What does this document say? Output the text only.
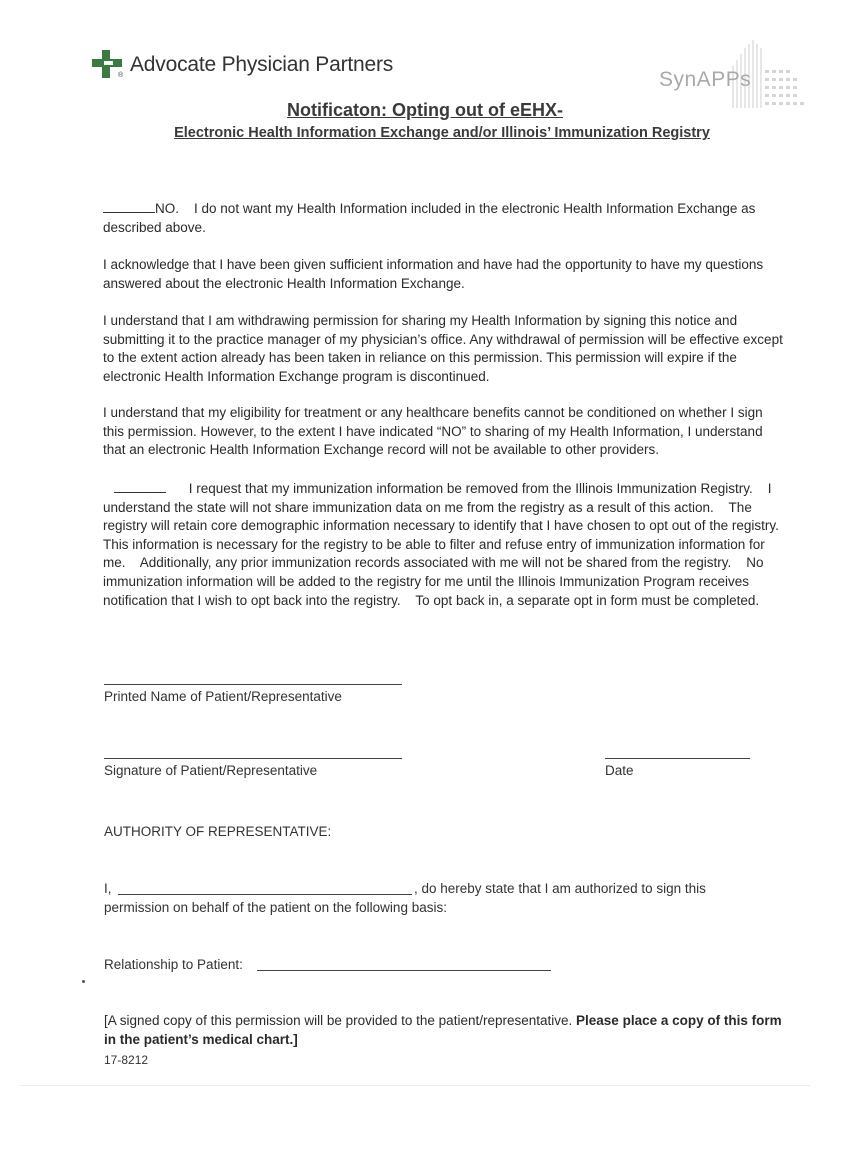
® Advocate Physician Partners
SynAPPs
Notificaton: Opting out of eEHX-
Electronic Health Information Exchange and/or Illinois’ Immunization Registry
NO. I do not want my Health Information included in the electronic Health Information Exchange as described above.
I acknowledge that I have been given sufficient information and have had the opportunity to have my questions answered about the electronic Health Information Exchange.
I understand that I am withdrawing permission for sharing my Health Information by signing this notice and submitting it to the practice manager of my physician’s office. Any withdrawal of permission will be effective except to the extent action already has been taken in reliance on this permission. This permission will expire if the electronic Health Information Exchange program is discontinued.
I understand that my eligibility for treatment or any healthcare benefits cannot be conditioned on whether I sign this permission. However, to the extent I have indicated “NO” to sharing of my Health Information, I understand that an electronic Health Information Exchange record will not be available to other providers.
I request that my immunization information be removed from the Illinois Immunization Registry.    I understand the state will not share immunization data on me from the registry as a result of this action.    The registry will retain core demographic information necessary to identify that I have chosen to opt out of the registry.    This information is necessary for the registry to be able to filter and refuse entry of immunization information for me.    Additionally, any prior immunization records associated with me will not be shared from the registry.    No immunization information will be added to the registry for me until the Illinois Immunization Program receives notification that I wish to opt back into the registry.    To opt back in, a separate opt in form must be completed.
Printed Name of Patient/Representative
Signature of Patient/Representative	Date
AUTHORITY OF REPRESENTATIVE:
I,	, do hereby state that I am authorized to sign this
permission on behalf of the patient on the following basis:
Relationship to Patient:
[A signed copy of this permission will be provided to the patient/representative. Please place a copy of this form in the patient’s medical chart.]
17-8212
